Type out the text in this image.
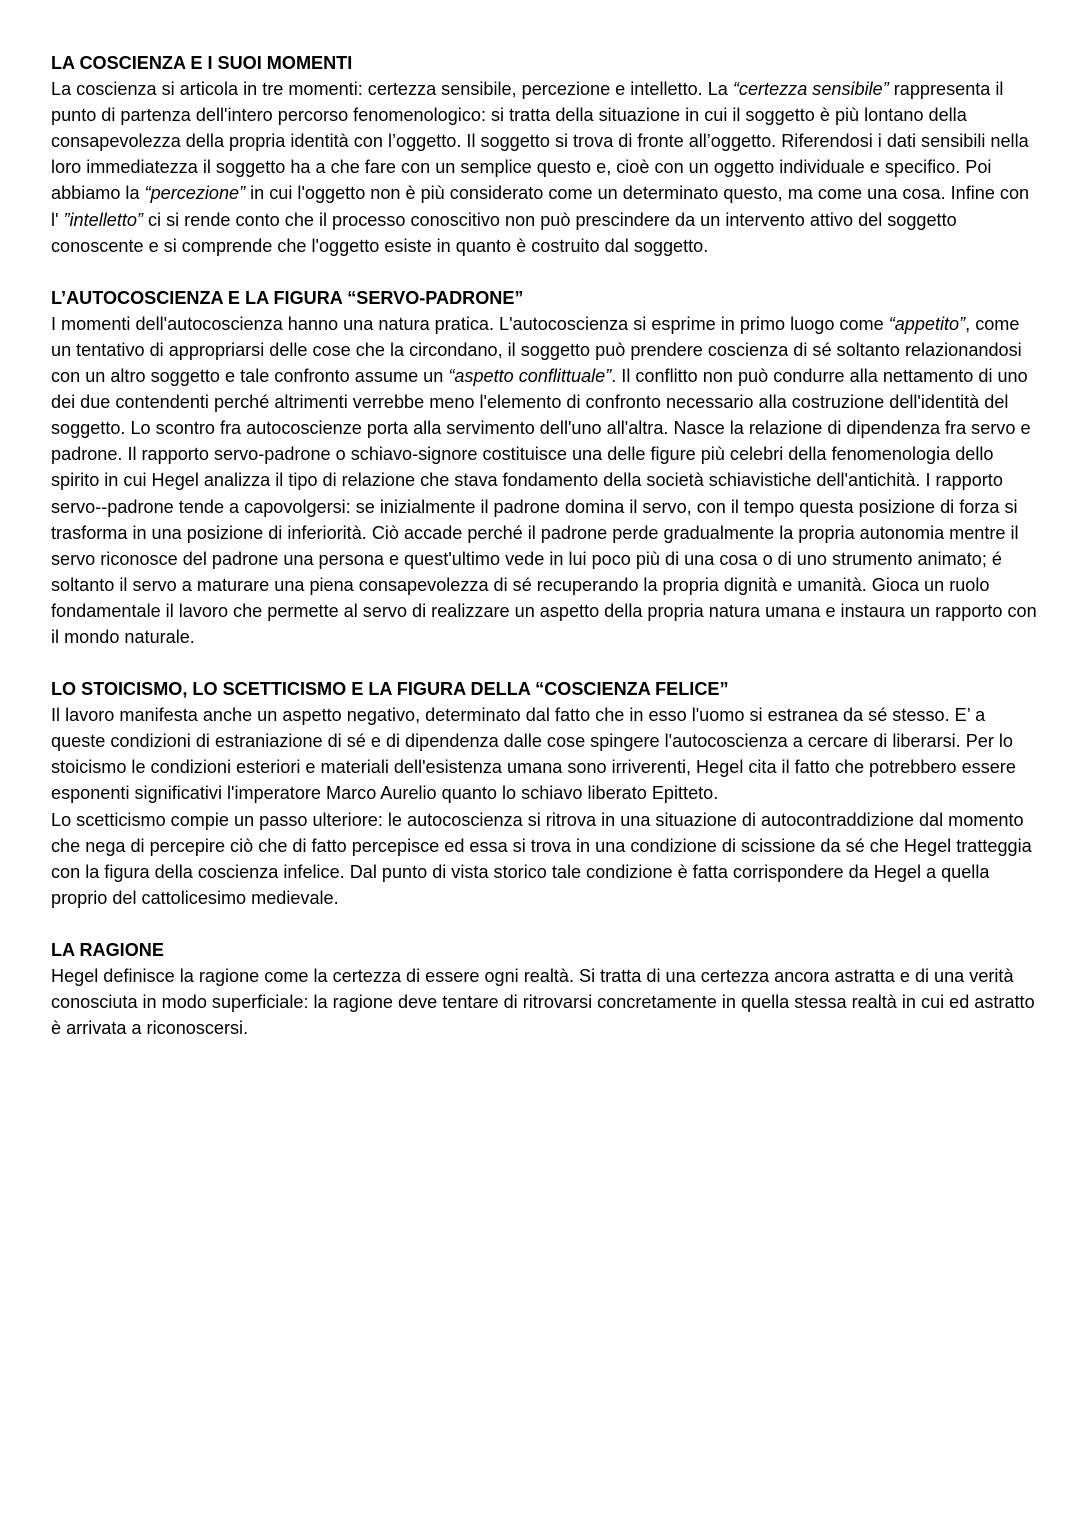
LA COSCIENZA E I SUOI MOMENTI

La coscienza si articola in tre momenti: certezza sensibile, percezione e intelletto. La “certezza sensibile” rappresenta il punto di partenza dell'intero percorso fenomenologico: si tratta della situazione in cui il soggetto è più lontano della consapevolezza della propria identità con l’oggetto. Il soggetto si trova di fronte all’oggetto. Riferendosi i dati sensibili nella loro immediatezza il soggetto ha a che fare con un semplice questo e, cioè con un oggetto individuale e specifico. Poi abbiamo la “percezione” in cui l'oggetto non è più considerato come un determinato questo, ma come una cosa. Infine con l' ”intelletto” ci si rende conto che il processo conoscitivo non può prescindere da un intervento attivo del soggetto conoscente e si comprende che l'oggetto esiste in quanto è costruito dal soggetto.

L’AUTOCOSCIENZA E LA FIGURA “SERVO-PADRONE”

I momenti dell'autocoscienza hanno una natura pratica. L'autocoscienza si esprime in primo luogo come “appetito”, come un tentativo di appropriarsi delle cose che la circondano, il soggetto può prendere coscienza di sé soltanto relazionandosi con un altro soggetto e tale confronto assume un “aspetto conflittuale”. Il conflitto non può condurre alla nettamento di uno dei due contendenti perché altrimenti verrebbe meno l'elemento di confronto necessario alla costruzione dell'identità del soggetto. Lo scontro fra autocoscienze porta alla servimento dell'uno all'altra. Nasce la relazione di dipendenza fra servo e padrone. Il rapporto servo-padrone o schiavo-signore costituisce una delle figure più celebri della fenomenologia dello spirito in cui Hegel analizza il tipo di relazione che stava fondamento della società schiavistiche dell'antichità. I rapporto servo--padrone tende a capovolgersi: se inizialmente il padrone domina il servo, con il tempo questa posizione di forza si trasforma in una posizione di inferiorità. Ciò accade perché il padrone perde gradualmente la propria autonomia mentre il servo riconosce del padrone una persona e quest'ultimo vede in lui poco più di una cosa o di uno strumento animato; é soltanto il servo a maturare una piena consapevolezza di sé recuperando la propria dignità e umanità. Gioca un ruolo fondamentale il lavoro che permette al servo di realizzare un aspetto della propria natura umana e instaura un rapporto con il mondo naturale.

LO STOICISMO, LO SCETTICISMO E LA FIGURA DELLA “COSCIENZA FELICE”

Il lavoro manifesta anche un aspetto negativo, determinato dal fatto che in esso l'uomo si estranea da sé stesso. E’ a queste condizioni di estraniazione di sé e di dipendenza dalle cose spingere l'autocoscienza a cercare di liberarsi. Per lo stoicismo le condizioni esteriori e materiali dell'esistenza umana sono irriverenti, Hegel cita il fatto che potrebbero essere esponenti significativi l'imperatore Marco Aurelio quanto lo schiavo liberato Epitteto.

Lo scetticismo compie un passo ulteriore: le autocoscienza si ritrova in una situazione di autocontraddizione dal momento che nega di percepire ciò che di fatto percepisce ed essa si trova in una condizione di scissione da sé che Hegel tratteggia con la figura della coscienza infelice. Dal punto di vista storico tale condizione è fatta corrispondere da Hegel a quella proprio del cattolicesimo medievale.

LA RAGIONE

Hegel definisce la ragione come la certezza di essere ogni realtà. Si tratta di una certezza ancora astratta e di una verità conosciuta in modo superficiale: la ragione deve tentare di ritrovarsi concretamente in quella stessa realtà in cui ed astratto è arrivata a riconoscersi.
